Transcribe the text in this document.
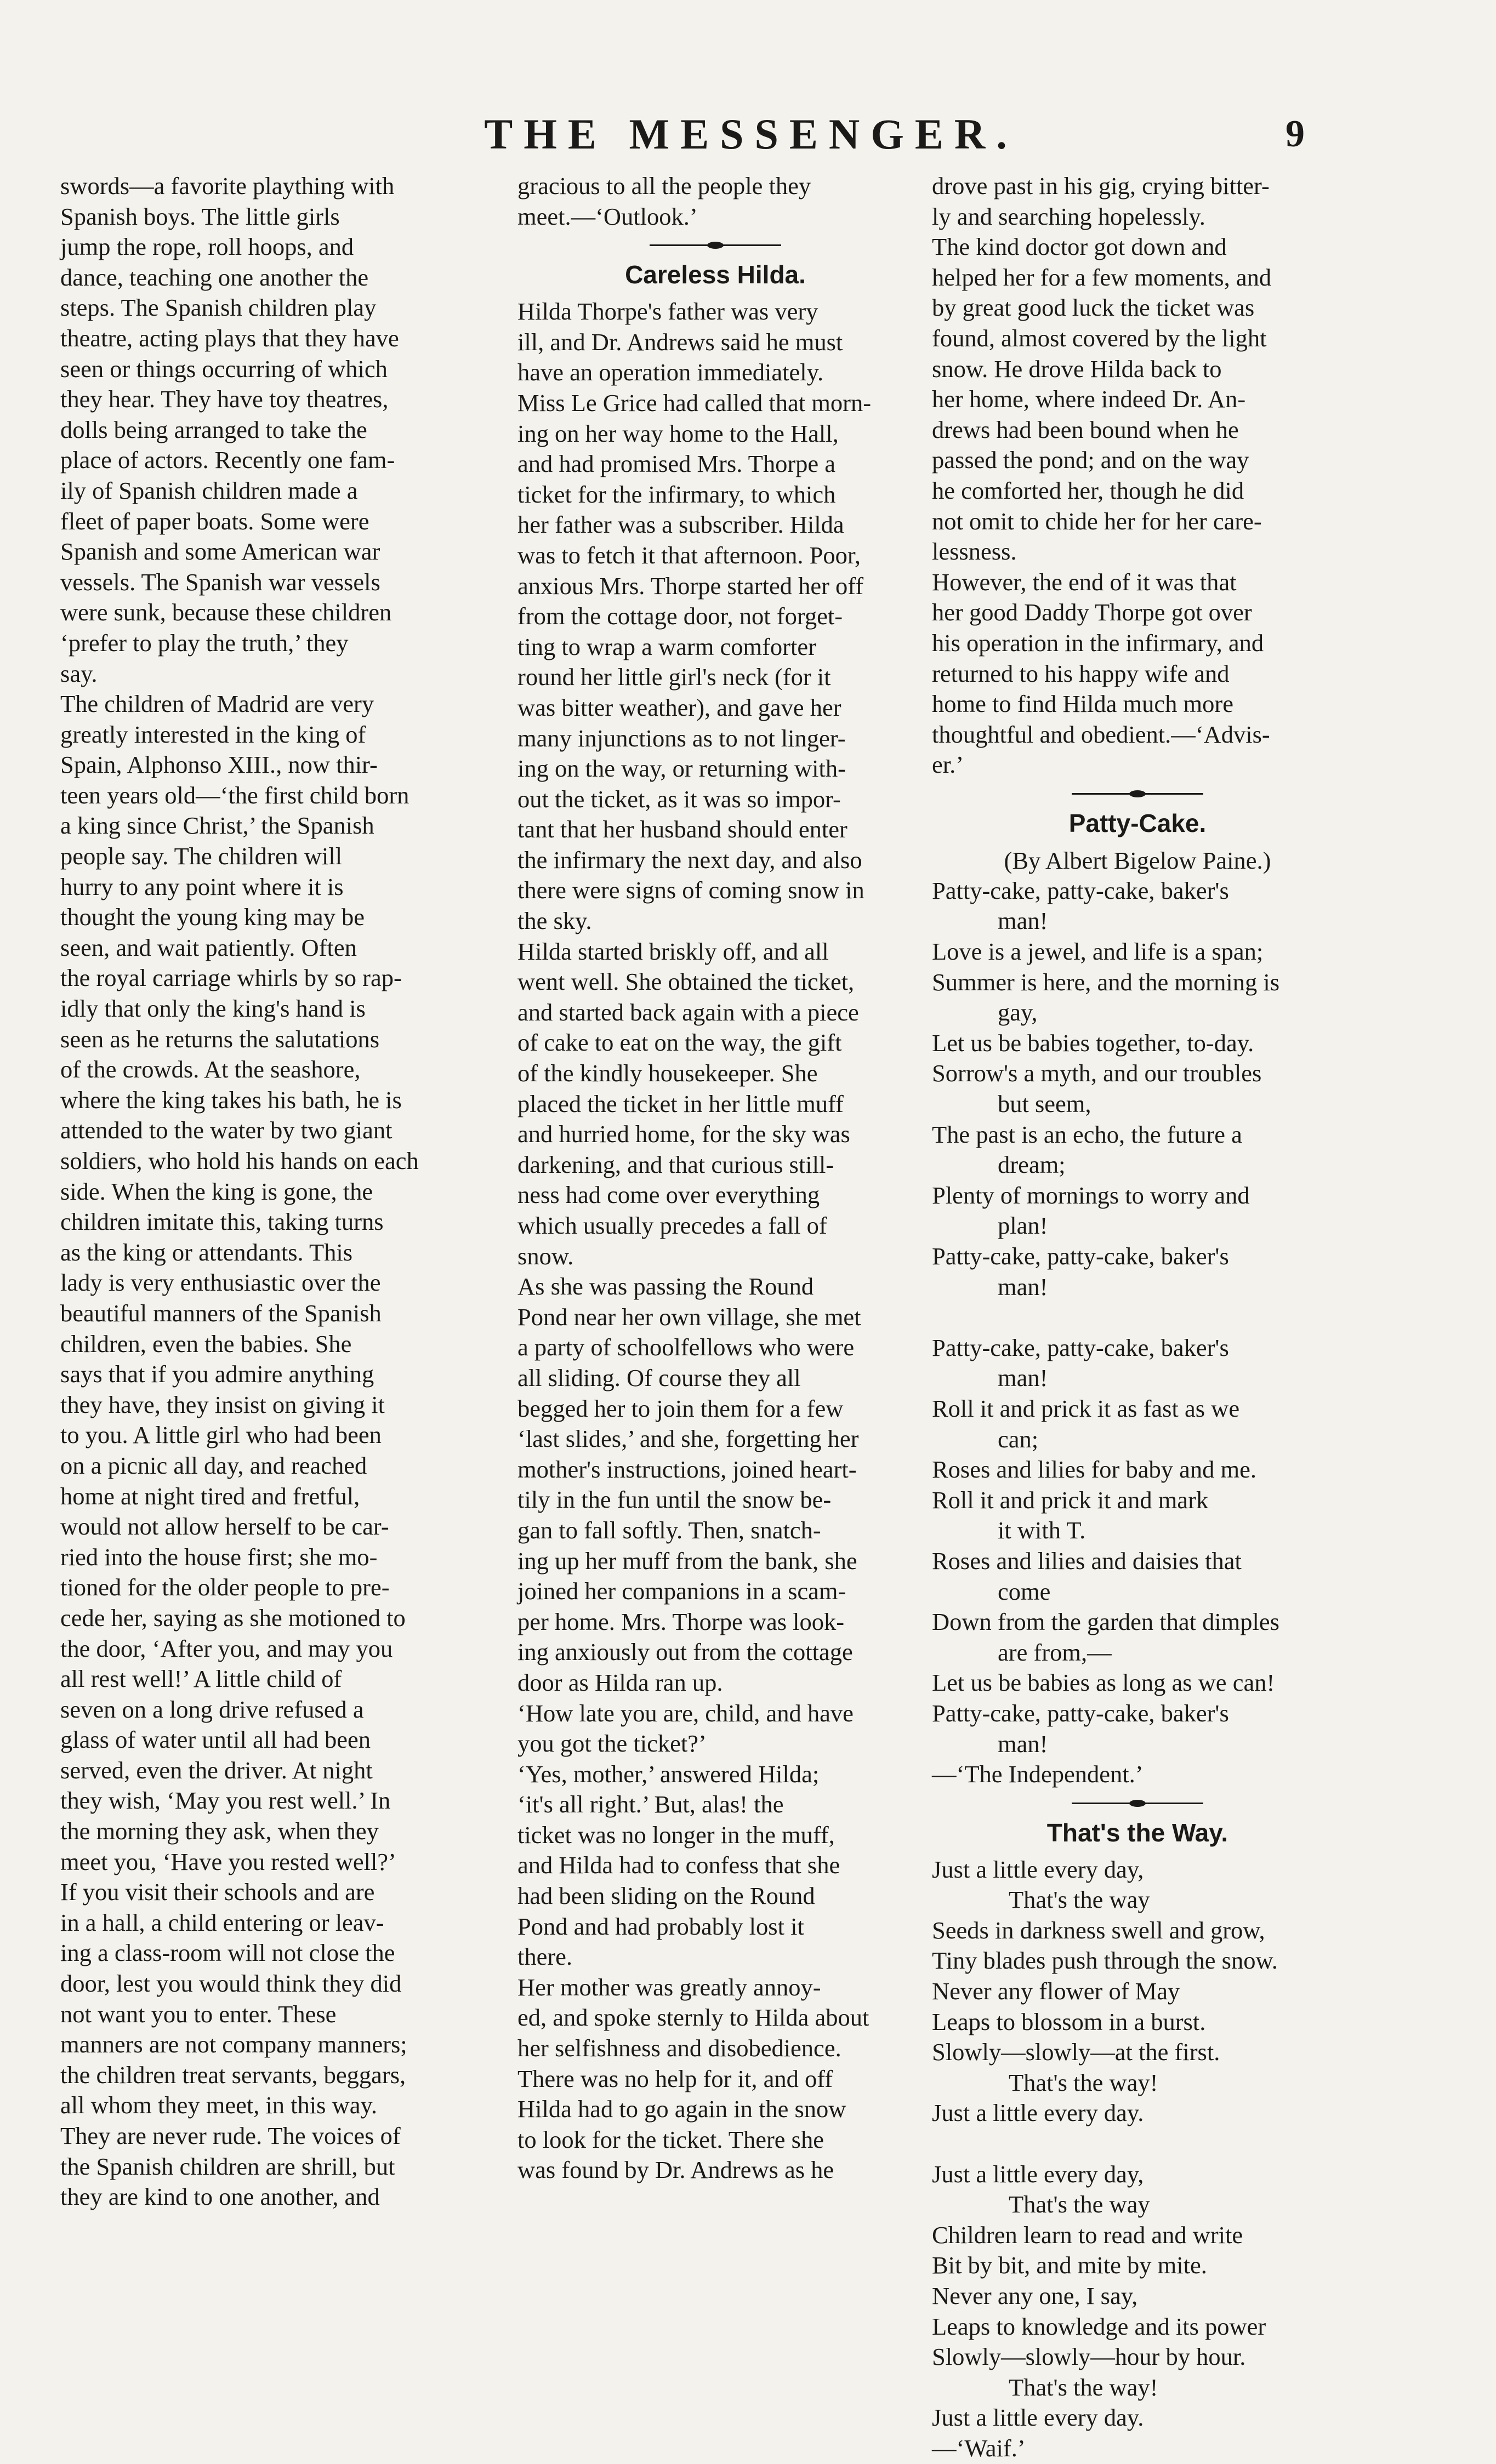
THE MESSENGER.	9
swords—a favorite plaything with
Spanish boys. The little girls
jump the rope, roll hoops, and
dance, teaching one another the
steps. The Spanish children play
theatre, acting plays that they have
seen or things occurring of which
they hear. They have toy theatres,
dolls being arranged to take the
place of actors. Recently one fam-
ily of Spanish children made a
fleet of paper boats. Some were
Spanish and some American war
vessels. The Spanish war vessels
were sunk, because these children
‘prefer to play the truth,’ they
say.
The children of Madrid are very
greatly interested in the king of
Spain, Alphonso XIII., now thir-
teen years old—‘the first child born
a king since Christ,’ the Spanish
people say. The children will
hurry to any point where it is
thought the young king may be
seen, and wait patiently. Often
the royal carriage whirls by so rap-
idly that only the king's hand is
seen as he returns the salutations
of the crowds. At the seashore,
where the king takes his bath, he is
attended to the water by two giant
soldiers, who hold his hands on each
side. When the king is gone, the
children imitate this, taking turns
as the king or attendants. This
lady is very enthusiastic over the
beautiful manners of the Spanish
children, even the babies. She
says that if you admire anything
they have, they insist on giving it
to you. A little girl who had been
on a picnic all day, and reached
home at night tired and fretful,
would not allow herself to be car-
ried into the house first; she mo-
tioned for the older people to pre-
cede her, saying as she motioned to
the door, ‘After you, and may you
all rest well!’ A little child of
seven on a long drive refused a
glass of water until all had been
served, even the driver. At night
they wish, ‘May you rest well.’ In
the morning they ask, when they
meet you, ‘Have you rested well?’
If you visit their schools and are
in a hall, a child entering or leav-
ing a class-room will not close the
door, lest you would think they did
not want you to enter. These
manners are not company manners;
the children treat servants, beggars,
all whom they meet, in this way.
They are never rude. The voices of
the Spanish children are shrill, but
they are kind to one another, and
gracious to all the people they
meet.—‘Outlook.’
Careless Hilda.
Hilda Thorpe's father was very
ill, and Dr. Andrews said he must
have an operation immediately.
Miss Le Grice had called that morn-
ing on her way home to the Hall,
and had promised Mrs. Thorpe a
ticket for the infirmary, to which
her father was a subscriber. Hilda
was to fetch it that afternoon. Poor,
anxious Mrs. Thorpe started her off
from the cottage door, not forget-
ting to wrap a warm comforter
round her little girl's neck (for it
was bitter weather), and gave her
many injunctions as to not linger-
ing on the way, or returning with-
out the ticket, as it was so impor-
tant that her husband should enter
the infirmary the next day, and also
there were signs of coming snow in
the sky.
Hilda started briskly off, and all
went well. She obtained the ticket,
and started back again with a piece
of cake to eat on the way, the gift
of the kindly housekeeper. She
placed the ticket in her little muff
and hurried home, for the sky was
darkening, and that curious still-
ness had come over everything
which usually precedes a fall of
snow.
As she was passing the Round
Pond near her own village, she met
a party of schoolfellows who were
all sliding. Of course they all
begged her to join them for a few
‘last slides,’ and she, forgetting her
mother's instructions, joined heart-
tily in the fun until the snow be-
gan to fall softly. Then, snatch-
ing up her muff from the bank, she
joined her companions in a scam-
per home. Mrs. Thorpe was look-
ing anxiously out from the cottage
door as Hilda ran up.
‘How late you are, child, and have
you got the ticket?’
‘Yes, mother,’ answered Hilda;
‘it's all right.’ But, alas! the
ticket was no longer in the muff,
and Hilda had to confess that she
had been sliding on the Round
Pond and had probably lost it
there.
Her mother was greatly annoy-
ed, and spoke sternly to Hilda about
her selfishness and disobedience.
There was no help for it, and off
Hilda had to go again in the snow
to look for the ticket. There she
was found by Dr. Andrews as he
drove past in his gig, crying bitter-
ly and searching hopelessly.
The kind doctor got down and
helped her for a few moments, and
by great good luck the ticket was
found, almost covered by the light
snow. He drove Hilda back to
her home, where indeed Dr. An-
drews had been bound when he
passed the pond; and on the way
he comforted her, though he did
not omit to chide her for her care-
lessness.
However, the end of it was that
her good Daddy Thorpe got over
his operation in the infirmary, and
returned to his happy wife and
home to find Hilda much more
thoughtful and obedient.—‘Advis-
er.’
Patty-Cake.
(By Albert Bigelow Paine.)
Patty-cake, patty-cake, baker's
man!
Love is a jewel, and life is a span;
Summer is here, and the morning is
gay,
Let us be babies together, to-day.
Sorrow's a myth, and our troubles
but seem,
The past is an echo, the future a
dream;
Plenty of mornings to worry and
plan!
Patty-cake, patty-cake, baker's
man!
Patty-cake, patty-cake, baker's
man!
Roll it and prick it as fast as we
can;
Roses and lilies for baby and me.
Roll it and prick it and mark
it with T.
Roses and lilies and daisies that
come
Down from the garden that dimples
are from,—
Let us be babies as long as we can!
Patty-cake, patty-cake, baker's
man!
—‘The Independent.’
That's the Way.
Just a little every day,
That's the way
Seeds in darkness swell and grow,
Tiny blades push through the snow.
Never any flower of May
Leaps to blossom in a burst.
Slowly—slowly—at the first.
That's the way!
Just a little every day.
Just a little every day,
That's the way
Children learn to read and write
Bit by bit, and mite by mite.
Never any one, I say,
Leaps to knowledge and its power
Slowly—slowly—hour by hour.
That's the way!
Just a little every day.
—‘Waif.’
